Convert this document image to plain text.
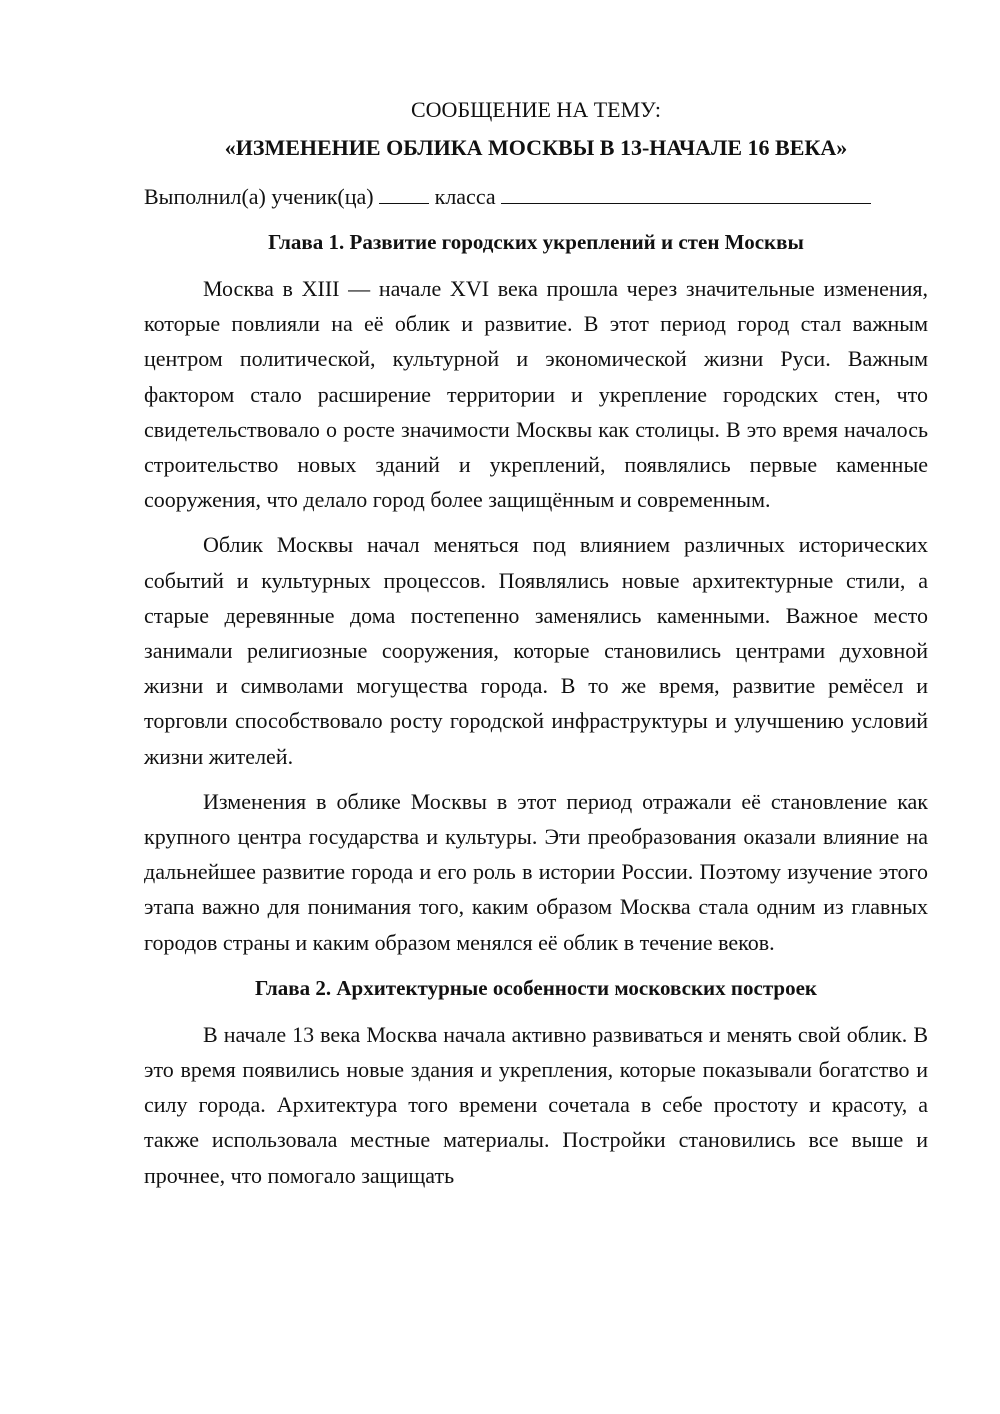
СООБЩЕНИЕ НА ТЕМУ:

«ИЗМЕНЕНИЕ ОБЛИКА МОСКВЫ В 13-НАЧАЛЕ 16 ВЕКА»

Выполнил(а) ученик(ца)	класса

Глава 1. Развитие городских укреплений и стен Москвы

Москва в XIII — начале XVI века прошла через значительные изменения, которые повлияли на её облик и развитие. В этот период город стал важным центром политической, культурной и экономической жизни Руси. Важным фактором стало расширение территории и укрепление городских стен, что свидетельствовало о росте значимости Москвы как столицы. В это время началось строительство новых зданий и укреплений, появлялись первые каменные сооружения, что делало город более защищённым и современным.

Облик Москвы начал меняться под влиянием различных исторических событий и культурных процессов. Появлялись новые архитектурные стили, а старые деревянные дома постепенно заменялись каменными. Важное место занимали религиозные сооружения, которые становились центрами духовной жизни и символами могущества города. В то же время, развитие ремёсел и торговли способствовало росту городской инфраструктуры и улучшению условий жизни жителей.

Изменения в облике Москвы в этот период отражали её становление как крупного центра государства и культуры. Эти преобразования оказали влияние на дальнейшее развитие города и его роль в истории России. Поэтому изучение этого этапа важно для понимания того, каким образом Москва стала одним из главных городов страны и каким образом менялся её облик в течение веков.

Глава 2. Архитектурные особенности московских построек

В начале 13 века Москва начала активно развиваться и менять свой облик. В это время появились новые здания и укрепления, которые показывали богатство и силу города. Архитектура того времени сочетала в себе простоту и красоту, а также использовала местные материалы. Постройки становились все выше и прочнее, что помогало защищать
